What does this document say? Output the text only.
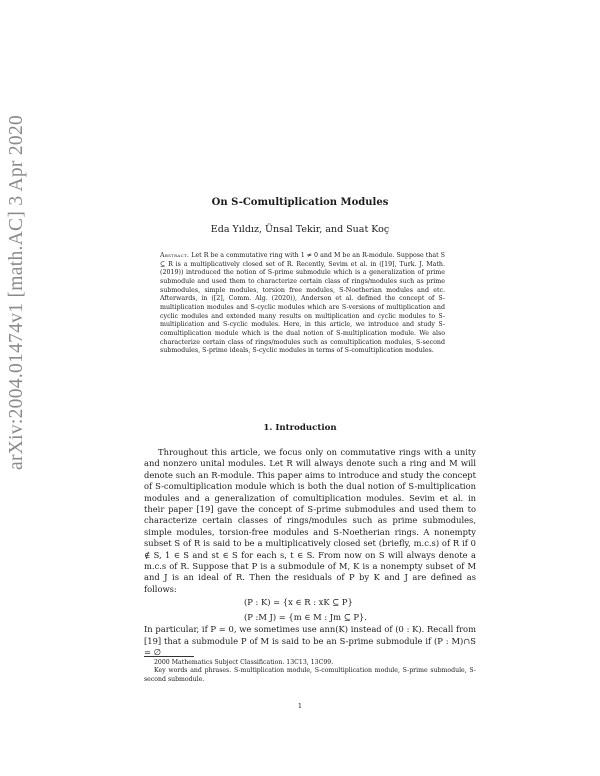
arXiv:2004.01474v1 [math.AC] 3 Apr 2020	On S-Comultiplication Modules
Eda Yıldız, Ünsal Tekir, and Suat Koç
Abstract. Let R be a commutative ring with 1 ≠ 0 and M be an R-module. Suppose that S ⊆ R is a multiplicatively closed set of R. Recently, Sevim et al. in ([19], Turk. J. Math. (2019)) introduced the notion of S-prime submodule which is a generalization of prime submodule and used them to characterize certain class of rings/modules such as prime submodules, simple modules, torsion free modules, S-Noetherian modules and etc. Afterwards, in ([2], Comm. Alg. (2020)), Anderson et al. defined the concept of S-multiplication modules and S-cyclic modules which are S-versions of multiplication and cyclic modules and extended many results on multiplication and cyclic modules to S-multiplication and S-cyclic modules. Here, in this article, we introduce and study S-comultiplication module which is the dual notion of S-multiplication module. We also characterize certain class of rings/modules such as comultiplication modules, S-second submodules, S-prime ideals, S-cyclic modules in terms of S-comultiplication modules.
1. Introduction

Throughout this article, we focus only on commutative rings with a unity and nonzero unital modules. Let R will always denote such a ring and M will denote such an R-module. This paper aims to introduce and study the concept of S-comultiplication module which is both the dual notion of S-multiplication modules and a generalization of comultiplication modules. Sevim et al. in their paper [19] gave the concept of S-prime submodules and used them to characterize certain classes of rings/modules such as prime submodules, simple modules, torsion-free modules and S-Noetherian rings. A nonempty subset S of R is said to be a multiplicatively closed set (briefly, m.c.s) of R if 0 ∉ S, 1 ∈ S and st ∈ S for each s, t ∈ S. From now on S will always denote a m.c.s of R. Suppose that P is a submodule of M, K is a nonempty subset of M and J is an ideal of R. Then the residuals of P by K and J are defined as follows:

(P : K) = {x ∈ R : xK ⊆ P}

(P :M J) = {m ∈ M : Jm ⊆ P}.

In particular, if P = 0, we sometimes use ann(K) instead of (0 : K). Recall from [19] that a submodule P of M is said to be an S-prime submodule if (P : M)∩S = ∅

2000 Mathematics Subject Classification. 13C13, 13C99.

Key words and phrases. S-multiplication module, S-comultiplication module, S-prime submodule, S-second submodule.

1
